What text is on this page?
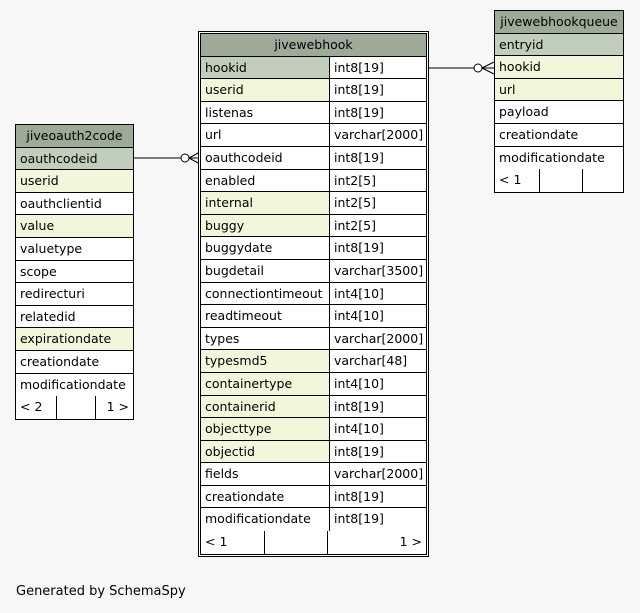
jiveoauth2code
oauthcodeid
userid
oauthclientid
value
valuetype
scope
redirecturi
relatedid
expirationdate
creationdate
modificationdate
< 2	1 >
jivewebhook
hookid	int8[19]
userid	int8[19]
listenas	int8[19]
url	varchar[2000]
oauthcodeid	int8[19]
enabled	int2[5]
internal	int2[5]
buggy	int2[5]
buggydate	int8[19]
bugdetail	varchar[3500]
connectiontimeout int4[10]
readtimeout	int4[10]
types	varchar[2000]
typesmd5	varchar[48]
containertype	int4[10]
containerid	int8[19]
objecttype	int4[10]
objectid	int8[19]
fields	varchar[2000]
creationdate	int8[19]
modificationdate	int8[19]
< 1	1 >
jivewebhookqueue
entryid
hookid
url
payload
creationdate
modificationdate
< 1
Generated by SchemaSpy
